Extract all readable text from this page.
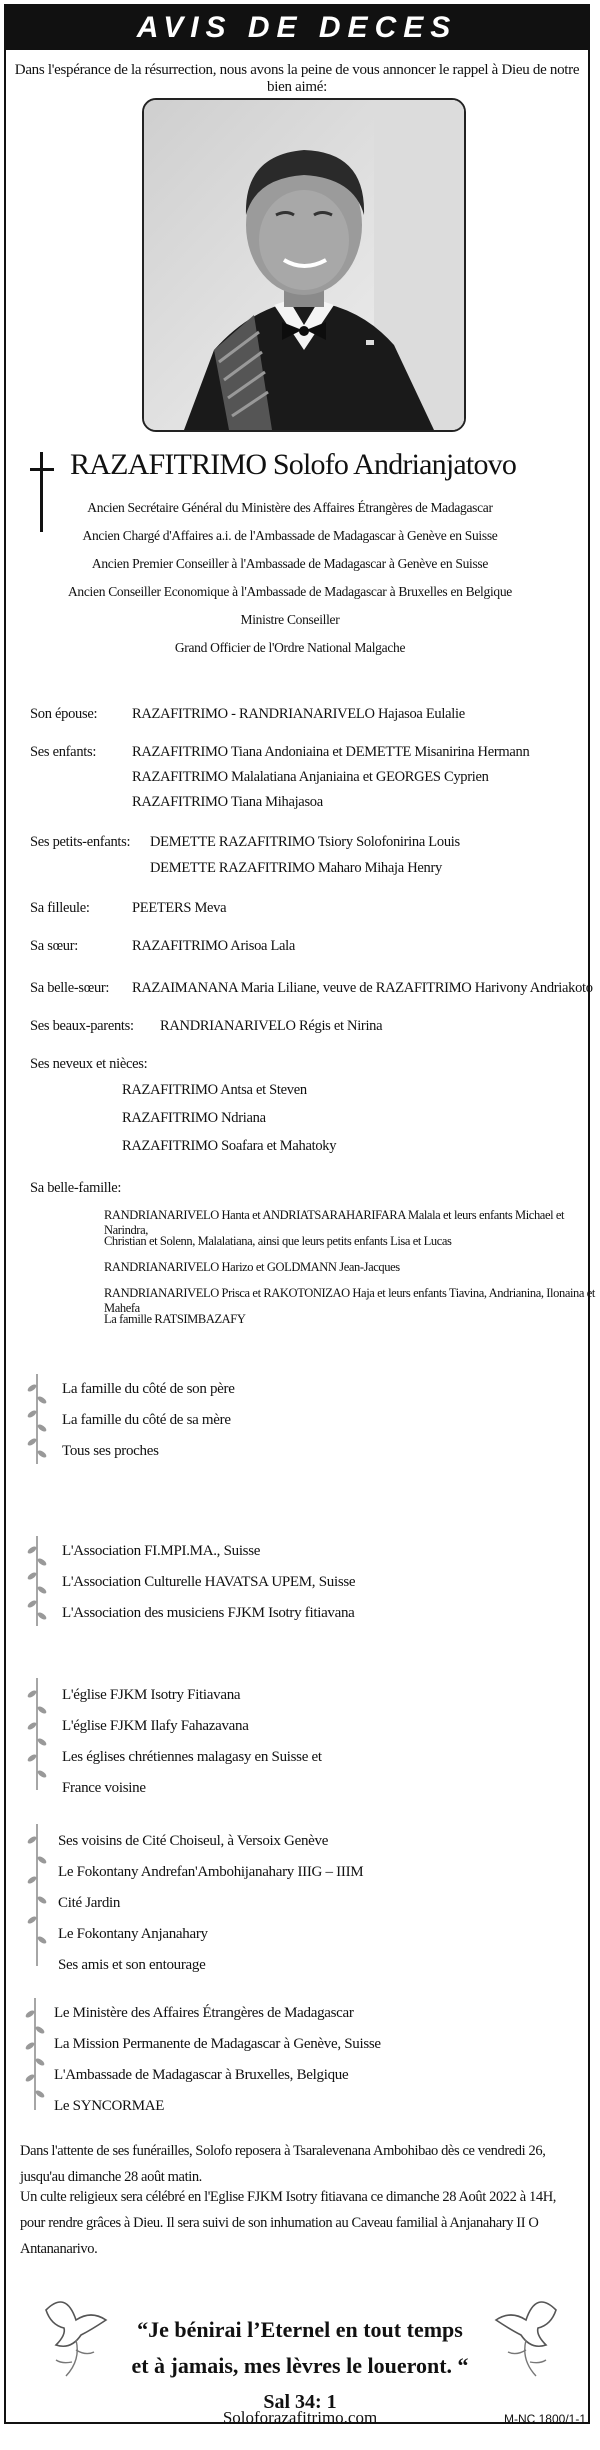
AVIS DE DECES
Dans l'espérance de la résurrection, nous avons la peine de vous annoncer le rappel à Dieu de notre bien aimé:
RAZAFITRIMO Solofo Andrianjatovo
Ancien Secrétaire Général du Ministère des Affaires Étrangères de Madagascar
Ancien Chargé d'Affaires a.i. de l'Ambassade de Madagascar à Genève en Suisse
Ancien Premier Conseiller à l'Ambassade de Madagascar à Genève en Suisse
Ancien Conseiller Economique à l'Ambassade de Madagascar à Bruxelles en Belgique
Ministre Conseiller
Grand Officier de l'Ordre National Malgache
Son épouse: RAZAFITRIMO - RANDRIANARIVELO Hajasoa Eulalie
Ses enfants: RAZAFITRIMO Tiana Andoniaina et DEMETTE Misanirina Hermann
RAZAFITRIMO Malalatiana Anjaniaina et GEORGES Cyprien
RAZAFITRIMO Tiana Mihajasoa
Ses petits-enfants: DEMETTE RAZAFITRIMO Tsiory Solofonirina Louis
DEMETTE RAZAFITRIMO Maharo Mihaja Henry
Sa filleule:	PEETERS Meva
Sa sœur:	RAZAFITRIMO Arisoa Lala
Sa belle-sœur: RAZAIMANANA Maria Liliane, veuve de RAZAFITRIMO Harivony Andriakoto
Ses beaux-parents: RANDRIANARIVELO Régis et Nirina
Ses neveux et nièces:
RAZAFITRIMO Antsa et Steven
RAZAFITRIMO Ndriana
RAZAFITRIMO Soafara et Mahatoky
Sa belle-famille:
RANDRIANARIVELO Hanta et ANDRIATSARAHARIFARA Malala et leurs enfants Michael et Narindra,
Christian et Solenn, Malalatiana, ainsi que leurs petits enfants Lisa et Lucas
RANDRIANARIVELO Harizo et GOLDMANN Jean-Jacques
RANDRIANARIVELO Prisca et RAKOTONIZAO Haja et leurs enfants Tiavina, Andrianina, Ilonaina et Mahefa
La famille RATSIMBAZAFY
La famille du côté de son père
La famille du côté de sa mère
Tous ses proches
L'Association FI.MPI.MA., Suisse
L'Association Culturelle HAVATSA UPEM, Suisse
L'Association des musiciens FJKM Isotry fitiavana
L'église FJKM Isotry Fitiavana
L'église FJKM Ilafy Fahazavana
Les églises chrétiennes malagasy en Suisse et
France voisine
Ses voisins de Cité Choiseul, à Versoix Genève
Le Fokontany Andrefan'Ambohijanahary IIIG – IIIM
Cité Jardin
Le Fokontany Anjanahary
Ses amis et son entourage
Le Ministère des Affaires Étrangères de Madagascar
La Mission Permanente de Madagascar à Genève, Suisse
L'Ambassade de Madagascar à Bruxelles, Belgique
Le SYNCORMAE
Dans l'attente de ses funérailles, Solofo reposera à Tsaralevenana Ambohibao dès ce vendredi 26, jusqu'au dimanche 28 août matin.
Un culte religieux sera célébré en l'Eglise FJKM Isotry fitiavana ce dimanche 28 Août 2022 à 14H, pour rendre grâces à Dieu. Il sera suivi de son inhumation au Caveau familial à Anjanahary II O Antananarivo.
“Je bénirai l’Eternel en tout temps
et à jamais, mes lèvres le loueront. “
Sal 34: 1
Soloforazafitrimo.com	M-NC 1800/1-1
